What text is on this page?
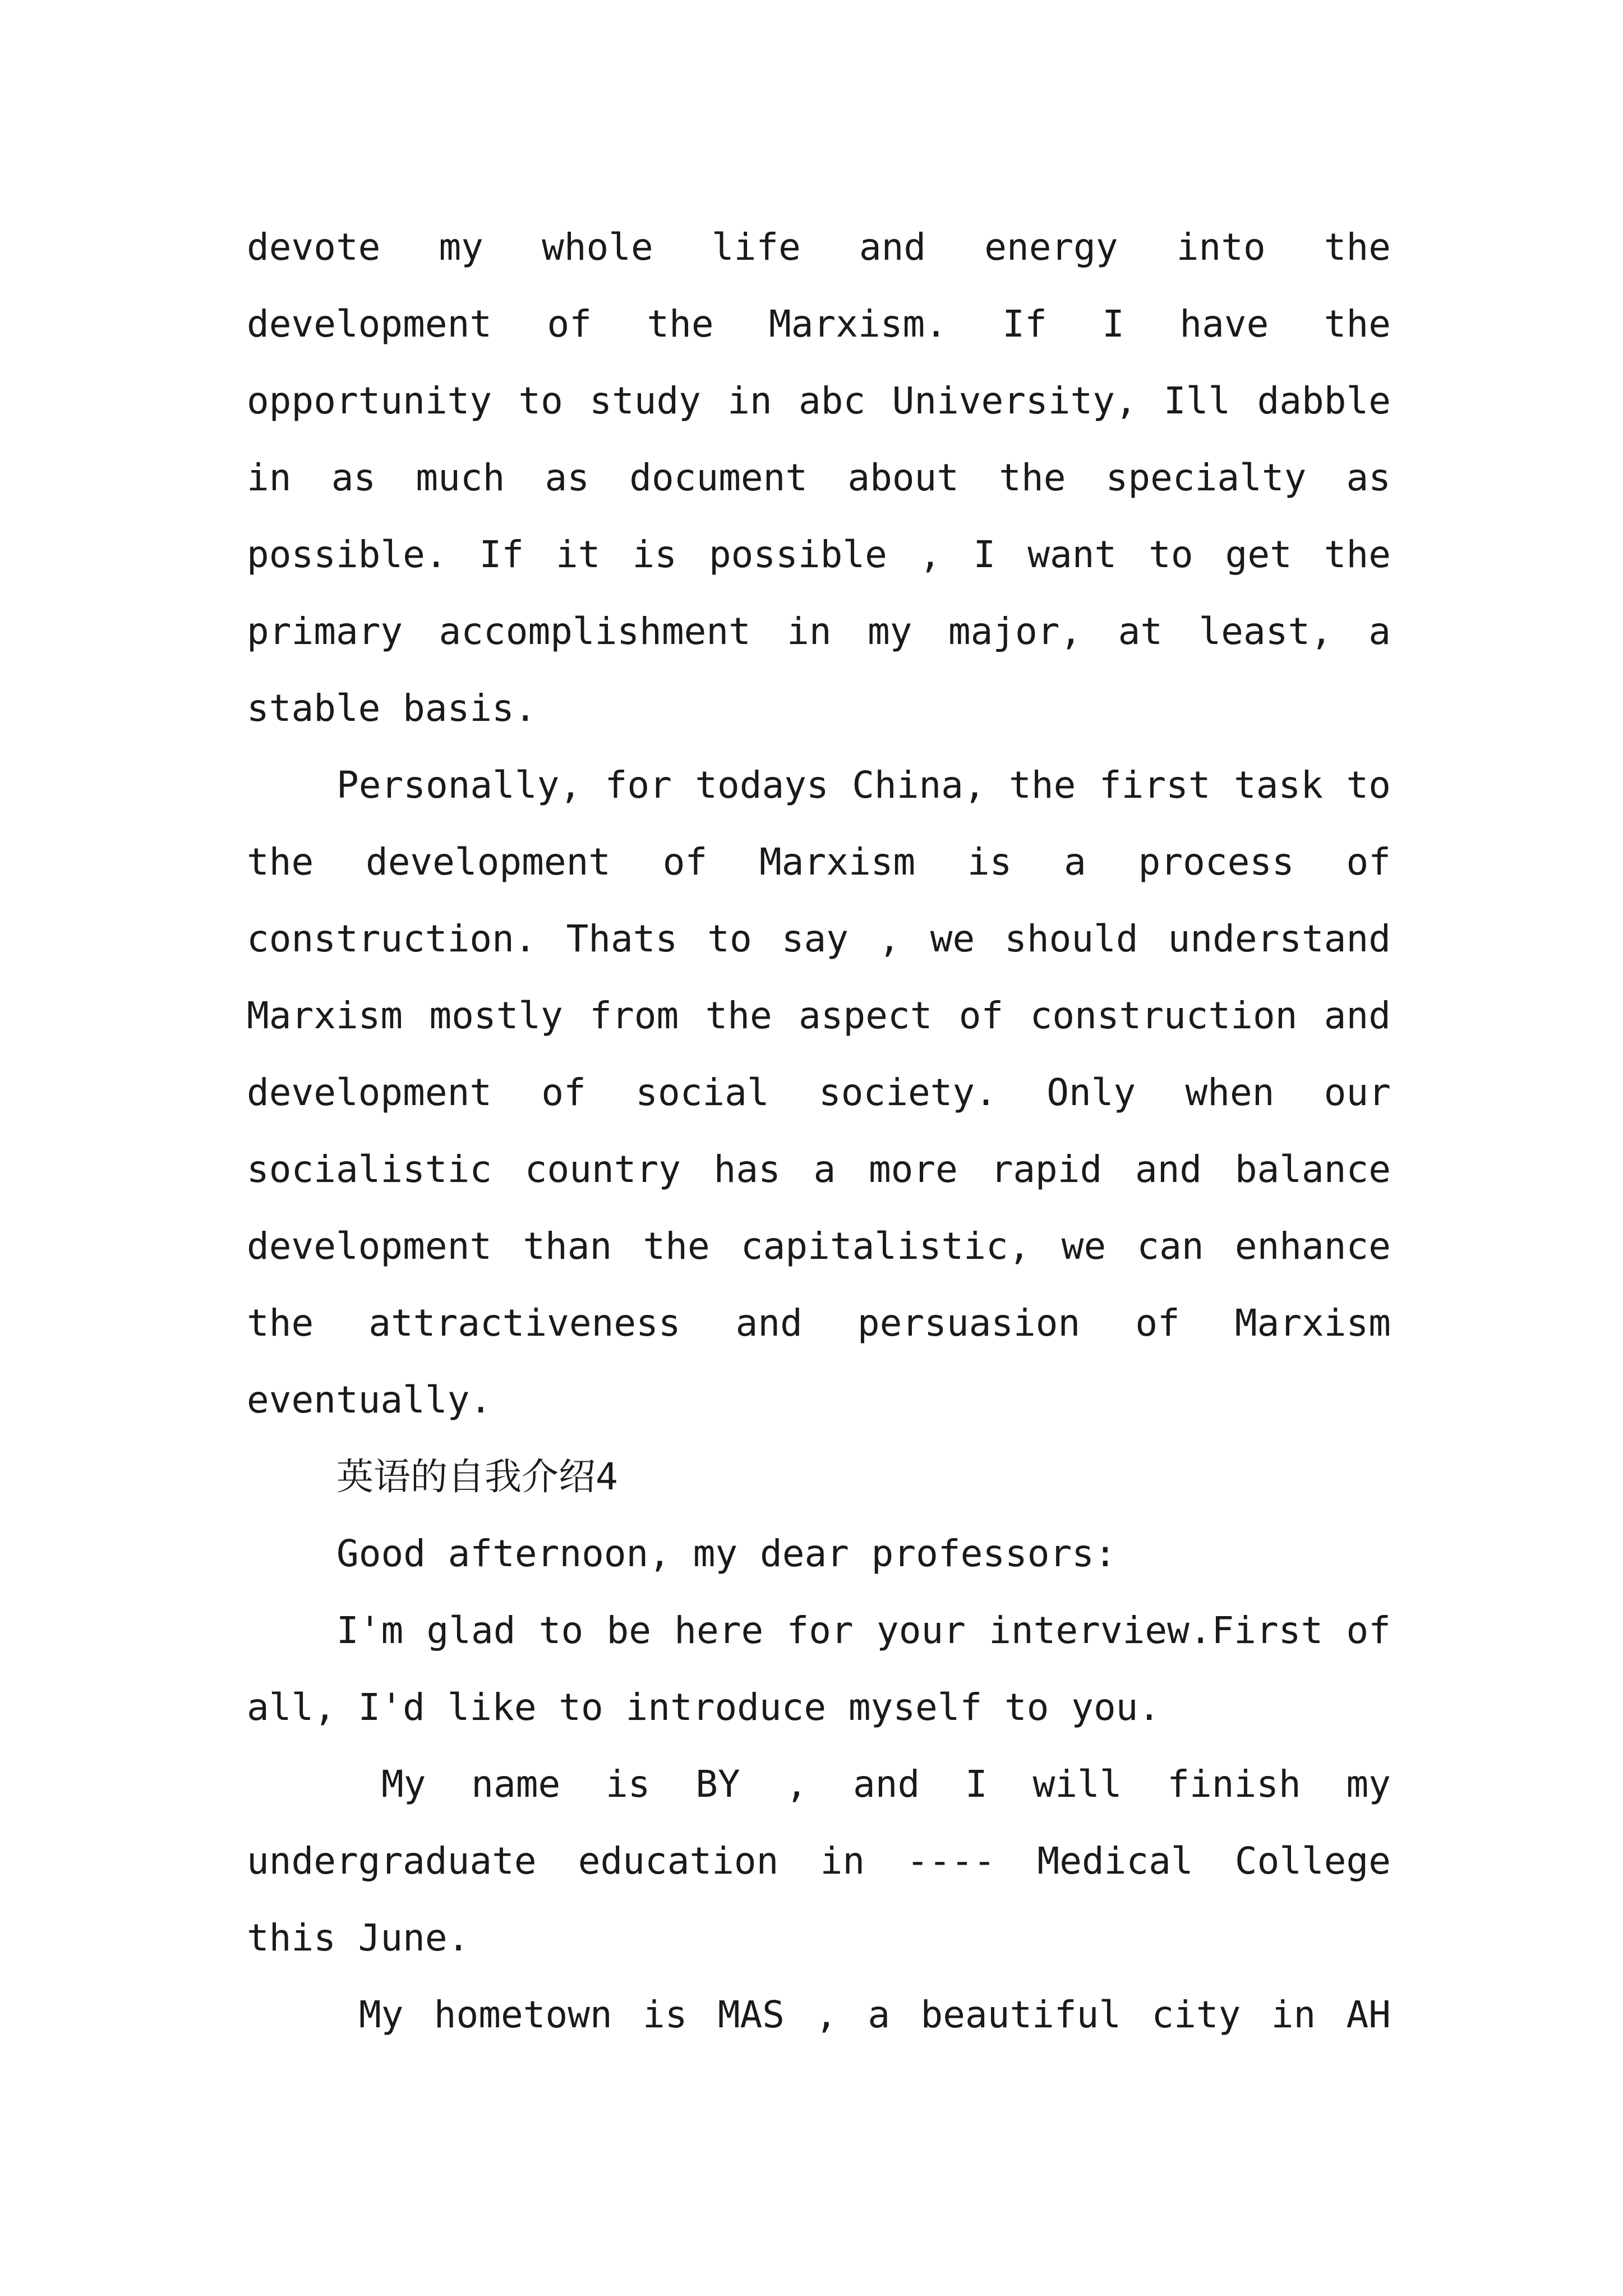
devote my whole life and energy into the development of the Marxism. If I have the opportunity to study in abc University, Ill dabble in as much as document about the specialty as possible. If it is possible , I want to get the primary accomplishment in my major, at least, a stable basis.

Personally, for todays China, the first task to the development of Marxism is a process of construction. Thats to say , we should understand Marxism mostly from the aspect of construction and development of social society. Only when our socialistic country has a more rapid and balance development than the capitalistic, we can enhance the attractiveness and persuasion of Marxism eventually.

英语的自我介绍4

Good afternoon, my dear professors:

I'm glad to be here for your interview.First of all, I'd like to introduce myself to you.

My name is BY , and I will finish my undergraduate education in ---- Medical College this June.

My hometown is MAS , a beautiful city in AH
